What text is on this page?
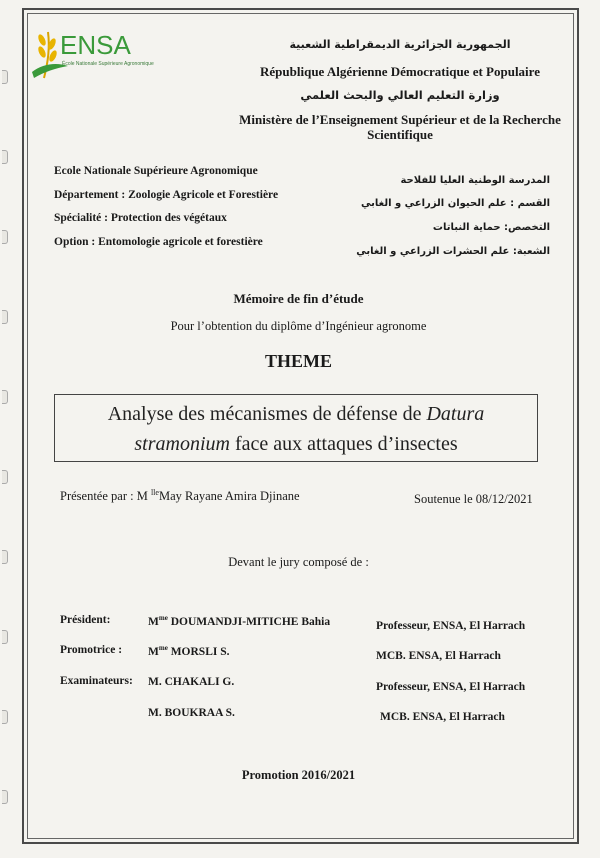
ENSA
École Nationale Supérieure Agronomique
الجمهورية الجزائرية الديمقراطية الشعبية
République Algérienne Démocratique et Populaire
وزارة التعليم العالي والبحث العلمي
Ministère de l’Enseignement Supérieur et de la Recherche
Scientifique
Ecole Nationale Supérieure Agronomique
Département : Zoologie Agricole et Forestière
Spécialité : Protection des végétaux
Option : Entomologie agricole et forestière
المدرسة الوطنية العليا للفلاحة
القسم : علم الحيوان الزراعي و الغابي
التخصص: حماية النباتات
الشعبة: علم الحشرات الزراعي و الغابي
Mémoire de fin d’étude
Pour l’obtention du diplôme d’Ingénieur agronome
THEME
Analyse des mécanismes de défense de Datura
stramonium face aux attaques d’insectes
Présentée par : M $^{lle}$May Rayane Amira Djinane	Soutenue le 08/12/2021
Devant le jury composé de :
Président:	$M^{me}$ DOUMANDJI-MITICHE Bahia	Professeur, ENSA, El Harrach
Promotrice : $M^{me}$ MORSLI S.	MCB. ENSA, El Harrach
Examinateurs: M. CHAKALI G.	Professeur, ENSA, El Harrach
M. BOUKRAA S.	MCB. ENSA, El Harrach
Promotion 2016/2021
